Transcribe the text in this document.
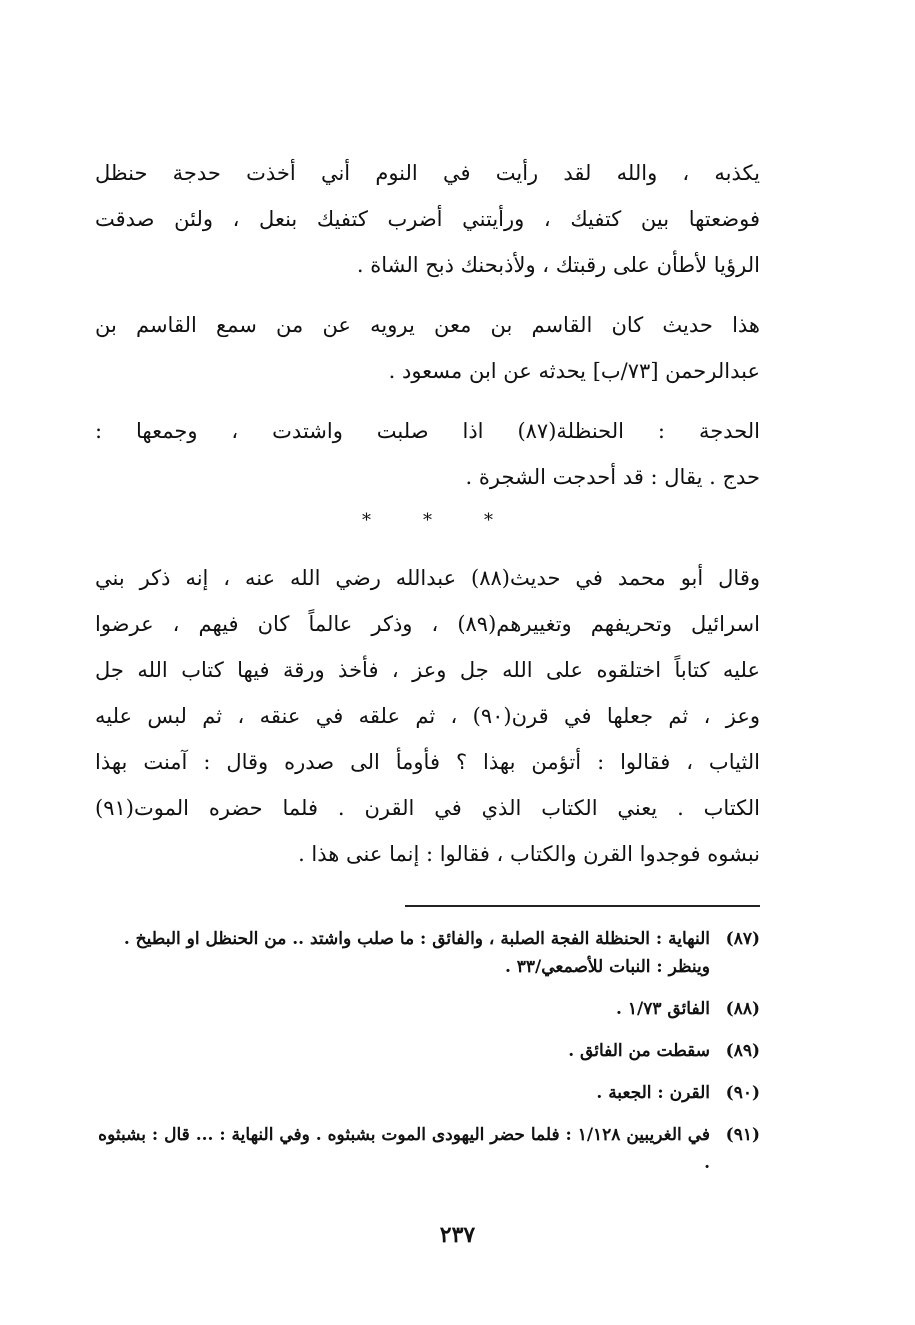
يكذبه ، والله لقد رأيت في النوم أني أخذت حدجة حنظل
فوضعتها بين كتفيك ، ورأيتني أضرب كتفيك بنعل ، ولئن صدقت
الرؤيا لأطأن على رقبتك ، ولأذبحنك ذبح الشاة .
هذا حديث كان القاسم بن معن يرويه عن من سمع القاسم بن
عبدالرحمن [٧٣/ب] يحدثه عن ابن مسعود .
الحدجة : الحنظلة(٨٧) اذا صلبت واشتدت ، وجمعها :
حدج . يقال : قد أحدجت الشجرة .
*	*	*
وقال أبو محمد في حديث(٨٨) عبدالله رضي الله عنه ، إنه ذكر بني
اسرائيل وتحريفهم وتغييرهم(٨٩) ، وذكر عالماً كان فيهم ، عرضوا
عليه كتاباً اختلقوه على الله جل وعز ، فأخذ ورقة فيها كتاب الله جل
وعز ، ثم جعلها في قرن(٩٠) ، ثم علقه في عنقه ، ثم لبس عليه
الثياب ، فقالوا : أتؤمن بهذا ؟ فأومأ الى صدره وقال : آمنت بهذا
الكتاب . يعني الكتاب الذي في القرن . فلما حضره الموت(٩١)
نبشوه فوجدوا القرن والكتاب ، فقالوا : إنما عنى هذا .
(٨٧)
النهاية : الحنظلة الفجة الصلبة ، والفائق : ما صلب واشتد .. من الحنظل او البطيخ . وينظر : النبات للأصمعي/٣٣ .
(٨٨)
الفائق ١/٧٣ .
(٨٩)
سقطت من الفائق .
(٩٠)
القرن : الجعبة .
(٩١)
في الغريبين ١/١٢٨ : فلما حضر اليهودى الموت بشبثوه . وفي النهاية : ... قال : بشبثوه .
٢٣٧
